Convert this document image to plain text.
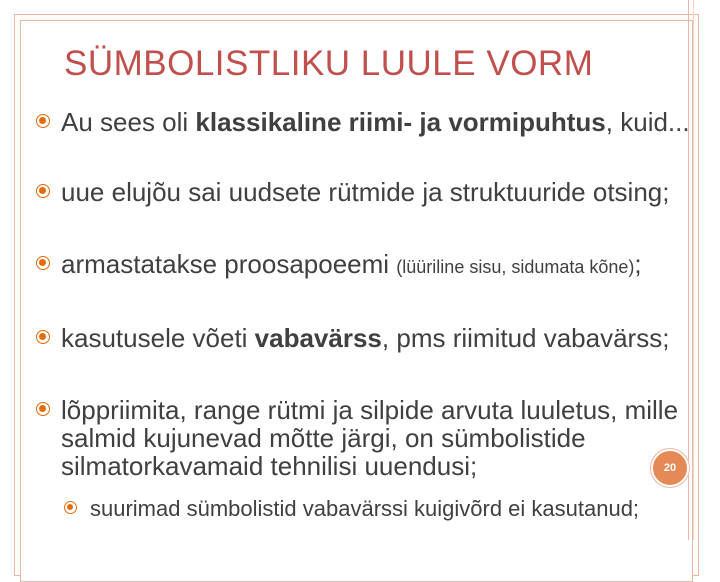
SÜMBOLISTLIKU LUULE VORM
Au sees oli klassikaline riimi- ja vormipuhtus, kuid...
uue elujõu sai uudsete rütmide ja struktuuride otsing;
armastatakse proosapoeemi (lüüriline sisu, sidumata kõne);
kasutusele võeti vabavärss, pms riimitud vabavärss;
lõppriimita, range rütmi ja silpide arvuta luuletus, mille salmid kujunevad mõtte järgi, on sümbolistide silmatorkavamaid tehnilisi uuendusi;
suurimad sümbolistid vabavärssi kuigivõrd ei kasutanud;
20
